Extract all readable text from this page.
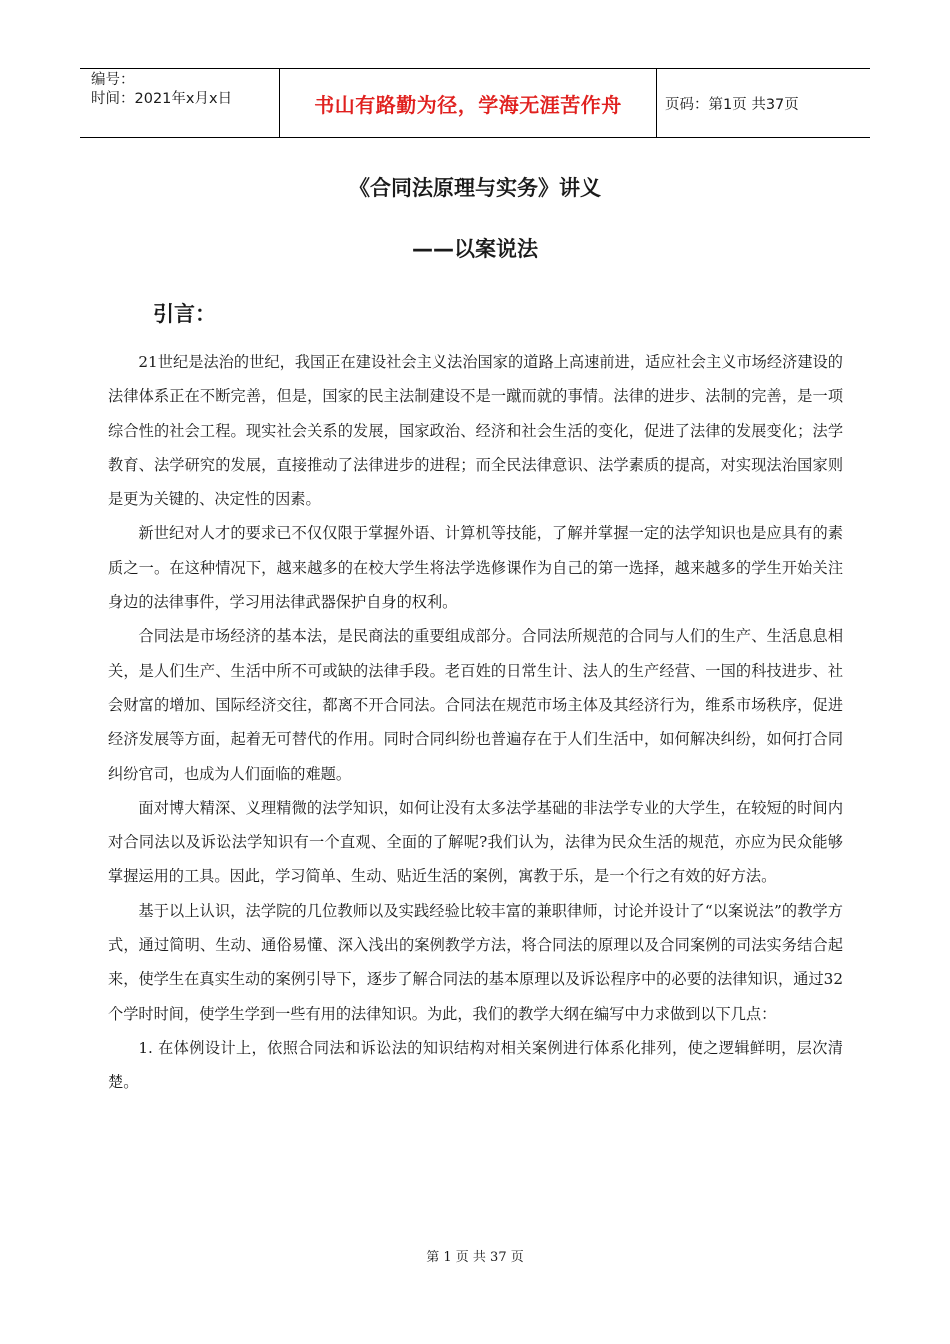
编号：
时间：2021年x月x日	书山有路勤为径，学海无涯苦作舟	页码：第1页 共37页
《合同法原理与实务》讲义
——以案说法
引言：

21世纪是法治的世纪，我国正在建设社会主义法治国家的道路上高速前进，适应社会主义市场经济建设的法律体系正在不断完善，但是，国家的民主法制建设不是一蹴而就的事情。法律的进步、法制的完善，是一项综合性的社会工程。现实社会关系的发展，国家政治、经济和社会生活的变化，促进了法律的发展变化；法学教育、法学研究的发展，直接推动了法律进步的进程；而全民法律意识、法学素质的提高，对实现法治国家则是更为关键的、决定性的因素。

新世纪对人才的要求已不仅仅限于掌握外语、计算机等技能，了解并掌握一定的法学知识也是应具有的素质之一。在这种情况下，越来越多的在校大学生将法学选修课作为自己的第一选择，越来越多的学生开始关注身边的法律事件，学习用法律武器保护自身的权利。

合同法是市场经济的基本法，是民商法的重要组成部分。合同法所规范的合同与人们的生产、生活息息相关，是人们生产、生活中所不可或缺的法律手段。老百姓的日常生计、法人的生产经营、一国的科技进步、社会财富的增加、国际经济交往，都离不开合同法。合同法在规范市场主体及其经济行为，维系市场秩序，促进经济发展等方面，起着无可替代的作用。同时合同纠纷也普遍存在于人们生活中，如何解决纠纷，如何打合同纠纷官司，也成为人们面临的难题。

面对博大精深、义理精微的法学知识，如何让没有太多法学基础的非法学专业的大学生，在较短的时间内对合同法以及诉讼法学知识有一个直观、全面的了解呢?我们认为，法律为民众生活的规范，亦应为民众能够掌握运用的工具。因此，学习简单、生动、贴近生活的案例，寓教于乐，是一个行之有效的好方法。

基于以上认识，法学院的几位教师以及实践经验比较丰富的兼职律师，讨论并设计了“以案说法”的教学方式，通过简明、生动、通俗易懂、深入浅出的案例教学方法，将合同法的原理以及合同案例的司法实务结合起来，使学生在真实生动的案例引导下，逐步了解合同法的基本原理以及诉讼程序中的必要的法律知识，通过32个学时时间，使学生学到一些有用的法律知识。为此，我们的教学大纲在编写中力求做到以下几点：

1. 在体例设计上，依照合同法和诉讼法的知识结构对相关案例进行体系化排列，使之逻辑鲜明，层次清楚。

第 1 页 共 37 页
